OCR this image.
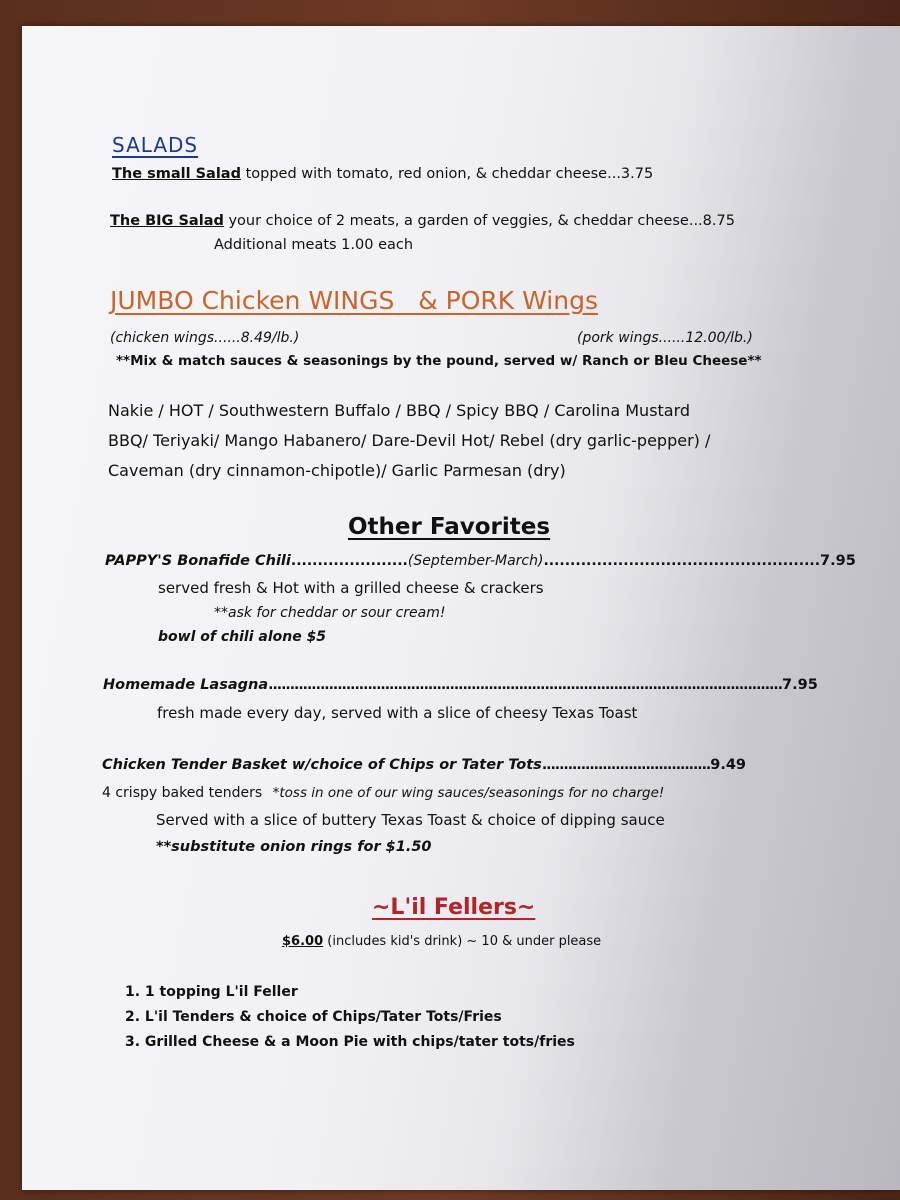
SALADS
The small Salad topped with tomato, red onion, & cheddar cheese...3.75
The BIG Salad your choice of 2 meats, a garden of veggies, & cheddar cheese...8.75
Additional meats 1.00 each
JUMBO Chicken WINGS   & PORK Wings
(chicken wings......8.49/lb.)	(pork wings......12.00/lb.)
**Mix & match sauces & seasonings by the pound, served w/ Ranch or Bleu Cheese**
Nakie / HOT / Southwestern Buffalo / BBQ / Spicy BBQ / Carolina Mustard
BBQ/ Teriyaki/ Mango Habanero/ Dare-Devil Hot/ Rebel (dry garlic-pepper) /
Caveman (dry cinnamon-chipotle)/ Garlic Parmesan (dry)
Other Favorites
PAPPY'S Bonafide Chili......................(September-March)....................................................7.95
served fresh & Hot with a grilled cheese & crackers
**ask for cheddar or sour cream!
bowl of chili alone $5
Homemade Lasagna.......................................................................................................................7.95
fresh made every day, served with a slice of cheesy Texas Toast
Chicken Tender Basket w/choice of Chips or Tater Tots.......................................9.49
4 crispy baked tenders *toss in one of our wing sauces/seasonings for no charge!
Served with a slice of buttery Texas Toast & choice of dipping sauce
**substitute onion rings for $1.50
~L'il Fellers~
$6.00 (includes kid's drink) ~ 10 & under please
1. 1 topping L'il Feller
2. L'il Tenders & choice of Chips/Tater Tots/Fries
3. Grilled Cheese & a Moon Pie with chips/tater tots/fries
